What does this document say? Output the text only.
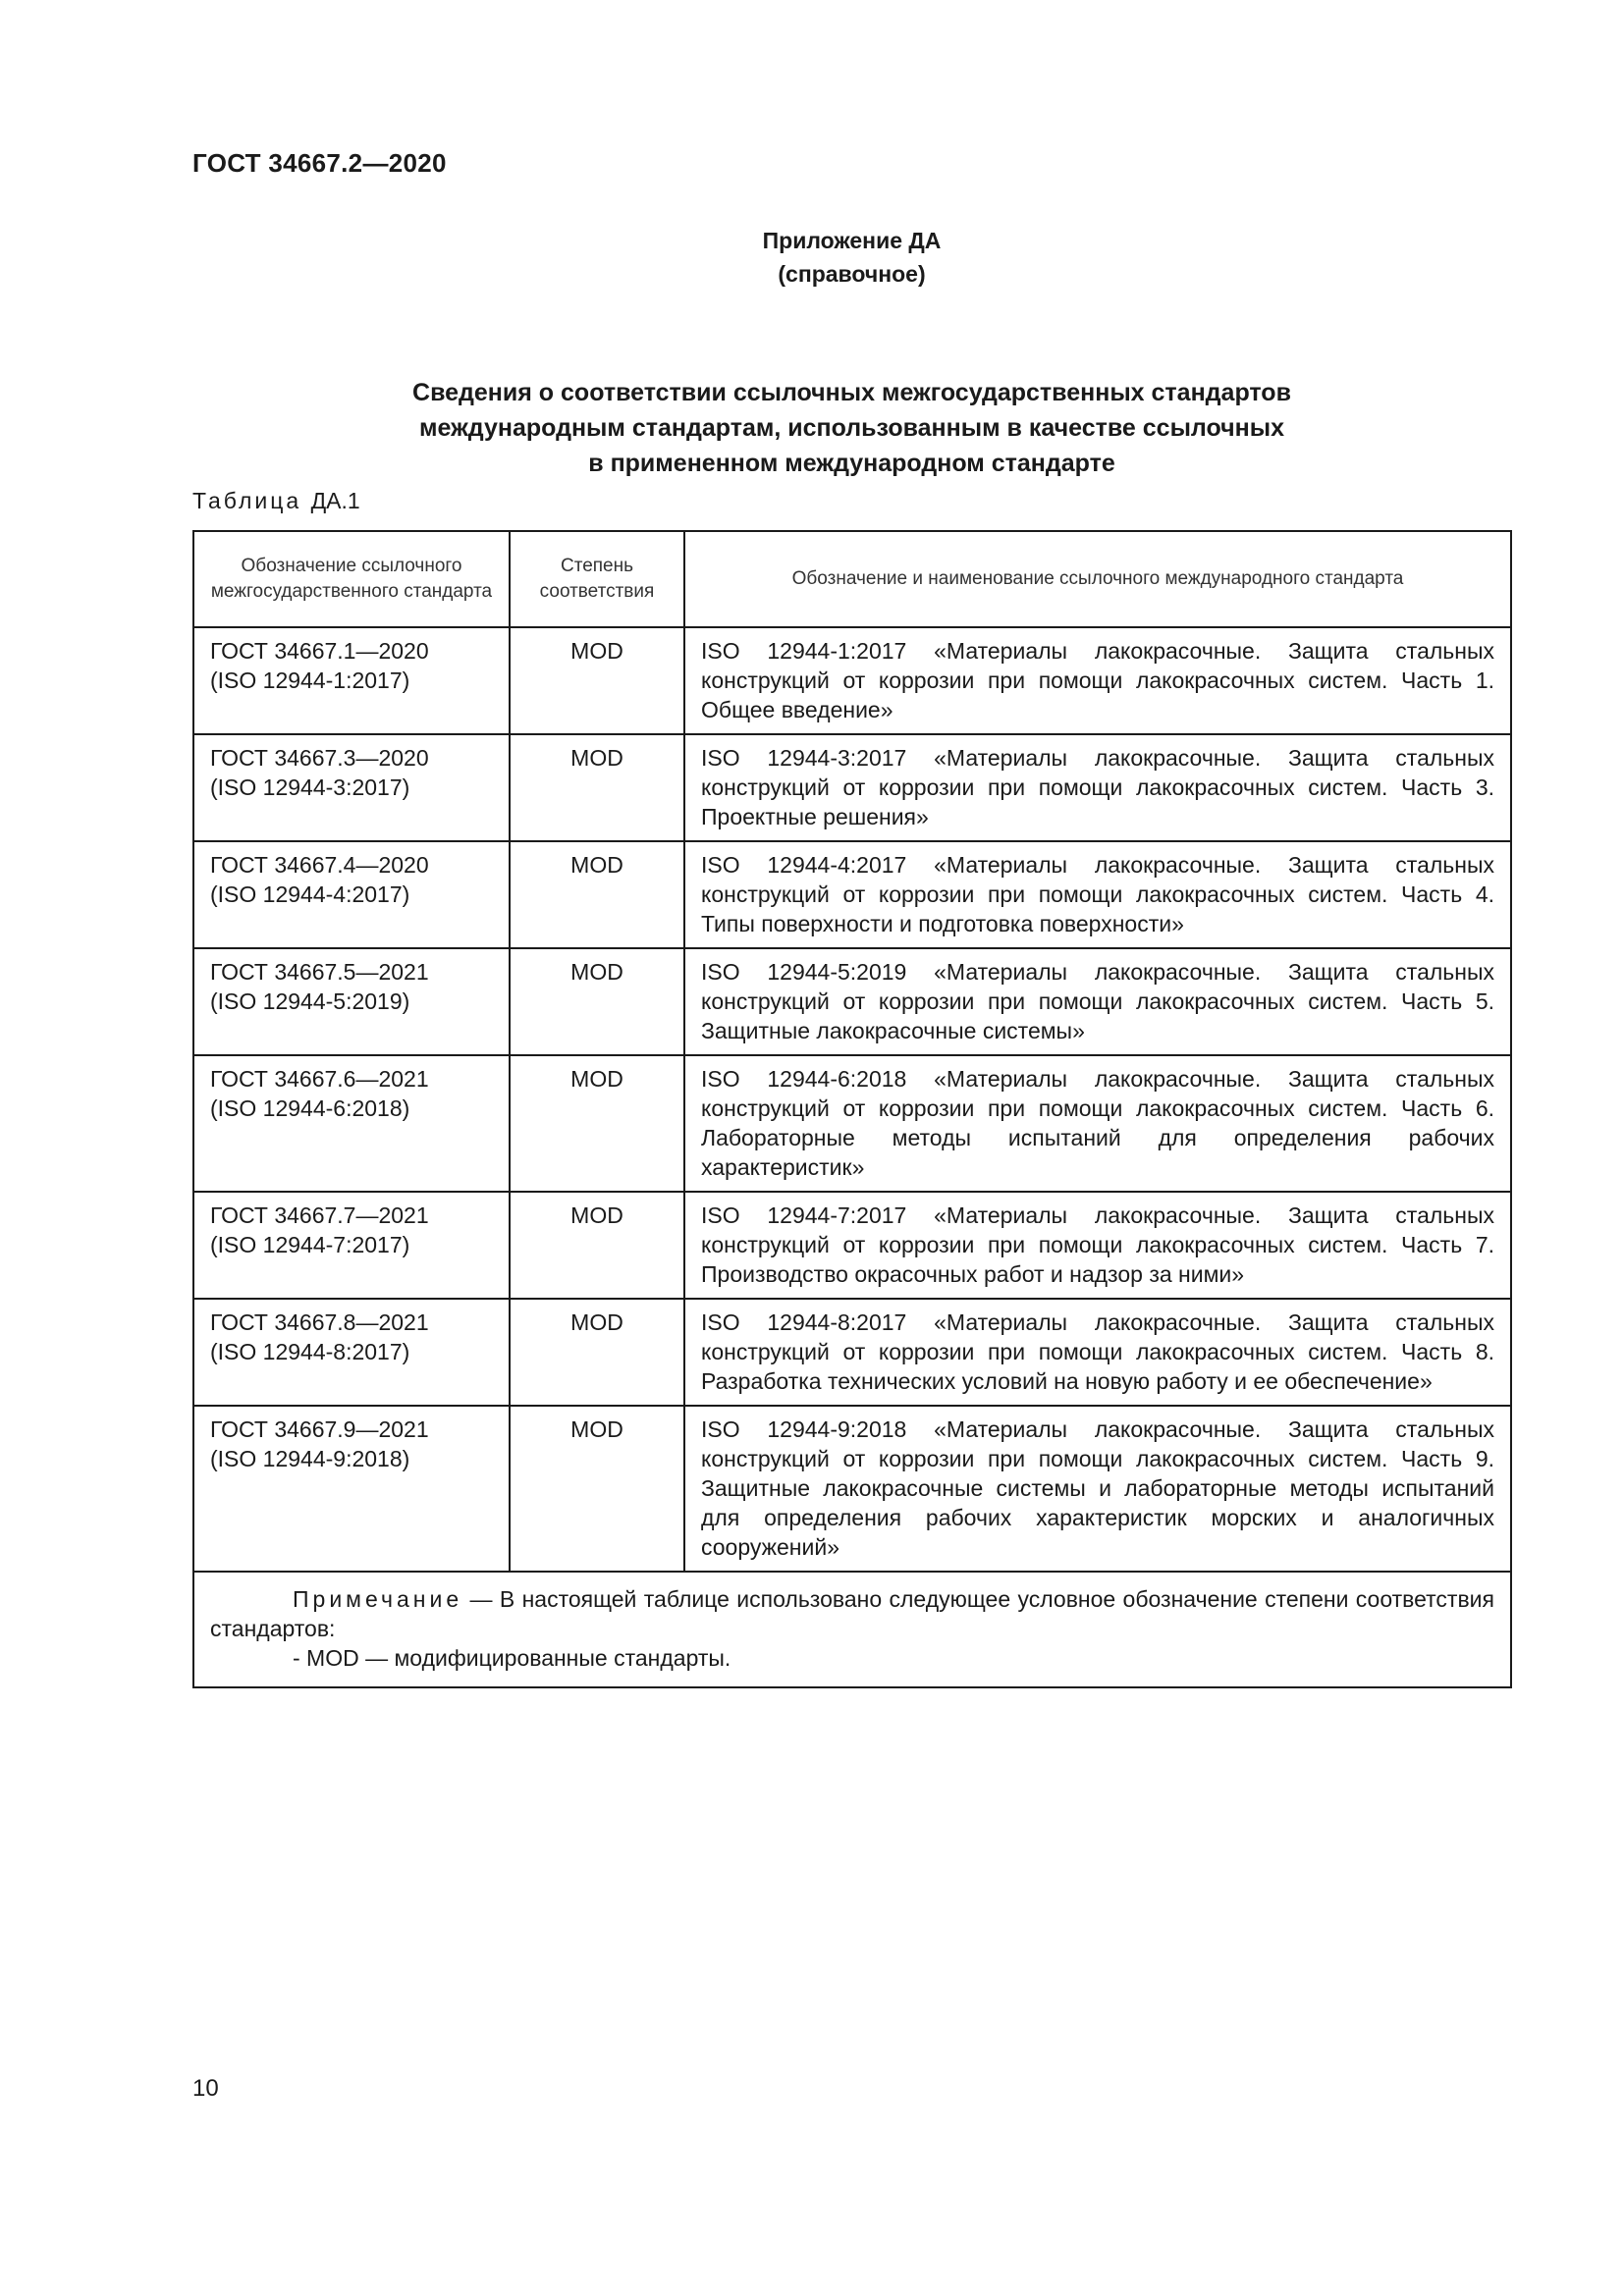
ГОСТ 34667.2—2020
Приложение ДА
(справочное)
Сведения о соответствии ссылочных межгосударственных стандартов
международным стандартам, использованным в качестве ссылочных
в примененном международном стандарте
Таблица ДА.1
Обозначение ссылочного межгосударственного стандарта	Степень соответствия	Обозначение и наименование ссылочного международного стандарта

ГОСТ 34667.1—2020
(ISO 12944-1:2017)	MOD	ISO 12944-1:2017 «Материалы лакокрасочные. Защита стальных конструкций от коррозии при помощи лакокрасочных систем. Часть 1. Общее введение»

ГОСТ 34667.3—2020
(ISO 12944-3:2017)	MOD	ISO 12944-3:2017 «Материалы лакокрасочные. Защита стальных конструкций от коррозии при помощи лакокрасочных систем. Часть 3. Проектные решения»

ГОСТ 34667.4—2020
(ISO 12944-4:2017)	MOD	ISO 12944-4:2017 «Материалы лакокрасочные. Защита стальных конструкций от коррозии при помощи лакокрасочных систем. Часть 4. Типы поверхности и подготовка поверхности»

ГОСТ 34667.5—2021
(ISO 12944-5:2019)	MOD	ISO 12944-5:2019 «Материалы лакокрасочные. Защита стальных конструкций от коррозии при помощи лакокрасочных систем. Часть 5. Защитные лакокрасочные системы»

ГОСТ 34667.6—2021
(ISO 12944-6:2018)	MOD	ISO 12944-6:2018 «Материалы лакокрасочные. Защита стальных конструкций от коррозии при помощи лакокрасочных систем. Часть 6. Лабораторные методы испытаний для определения рабочих характеристик»

ГОСТ 34667.7—2021
(ISO 12944-7:2017)	MOD	ISO 12944-7:2017 «Материалы лакокрасочные. Защита стальных конструкций от коррозии при помощи лакокрасочных систем. Часть 7. Производство окрасочных работ и надзор за ними»

ГОСТ 34667.8—2021
(ISO 12944-8:2017)	MOD	ISO 12944-8:2017 «Материалы лакокрасочные. Защита стальных конструкций от коррозии при помощи лакокрасочных систем. Часть 8. Разработка технических условий на новую работу и ее обеспечение»

ГОСТ 34667.9—2021
(ISO 12944-9:2018)	MOD	ISO 12944-9:2018 «Материалы лакокрасочные. Защита стальных конструкций от коррозии при помощи лакокрасочных систем. Часть 9. Защитные лакокрасочные системы и лабораторные методы испытаний для определения рабочих характеристик морских и аналогичных сооружений»

Примечание — В настоящей таблице использовано следующее условное обозначение степени соответствия стандартов:
- MOD — модифицированные стандарты.		
10
